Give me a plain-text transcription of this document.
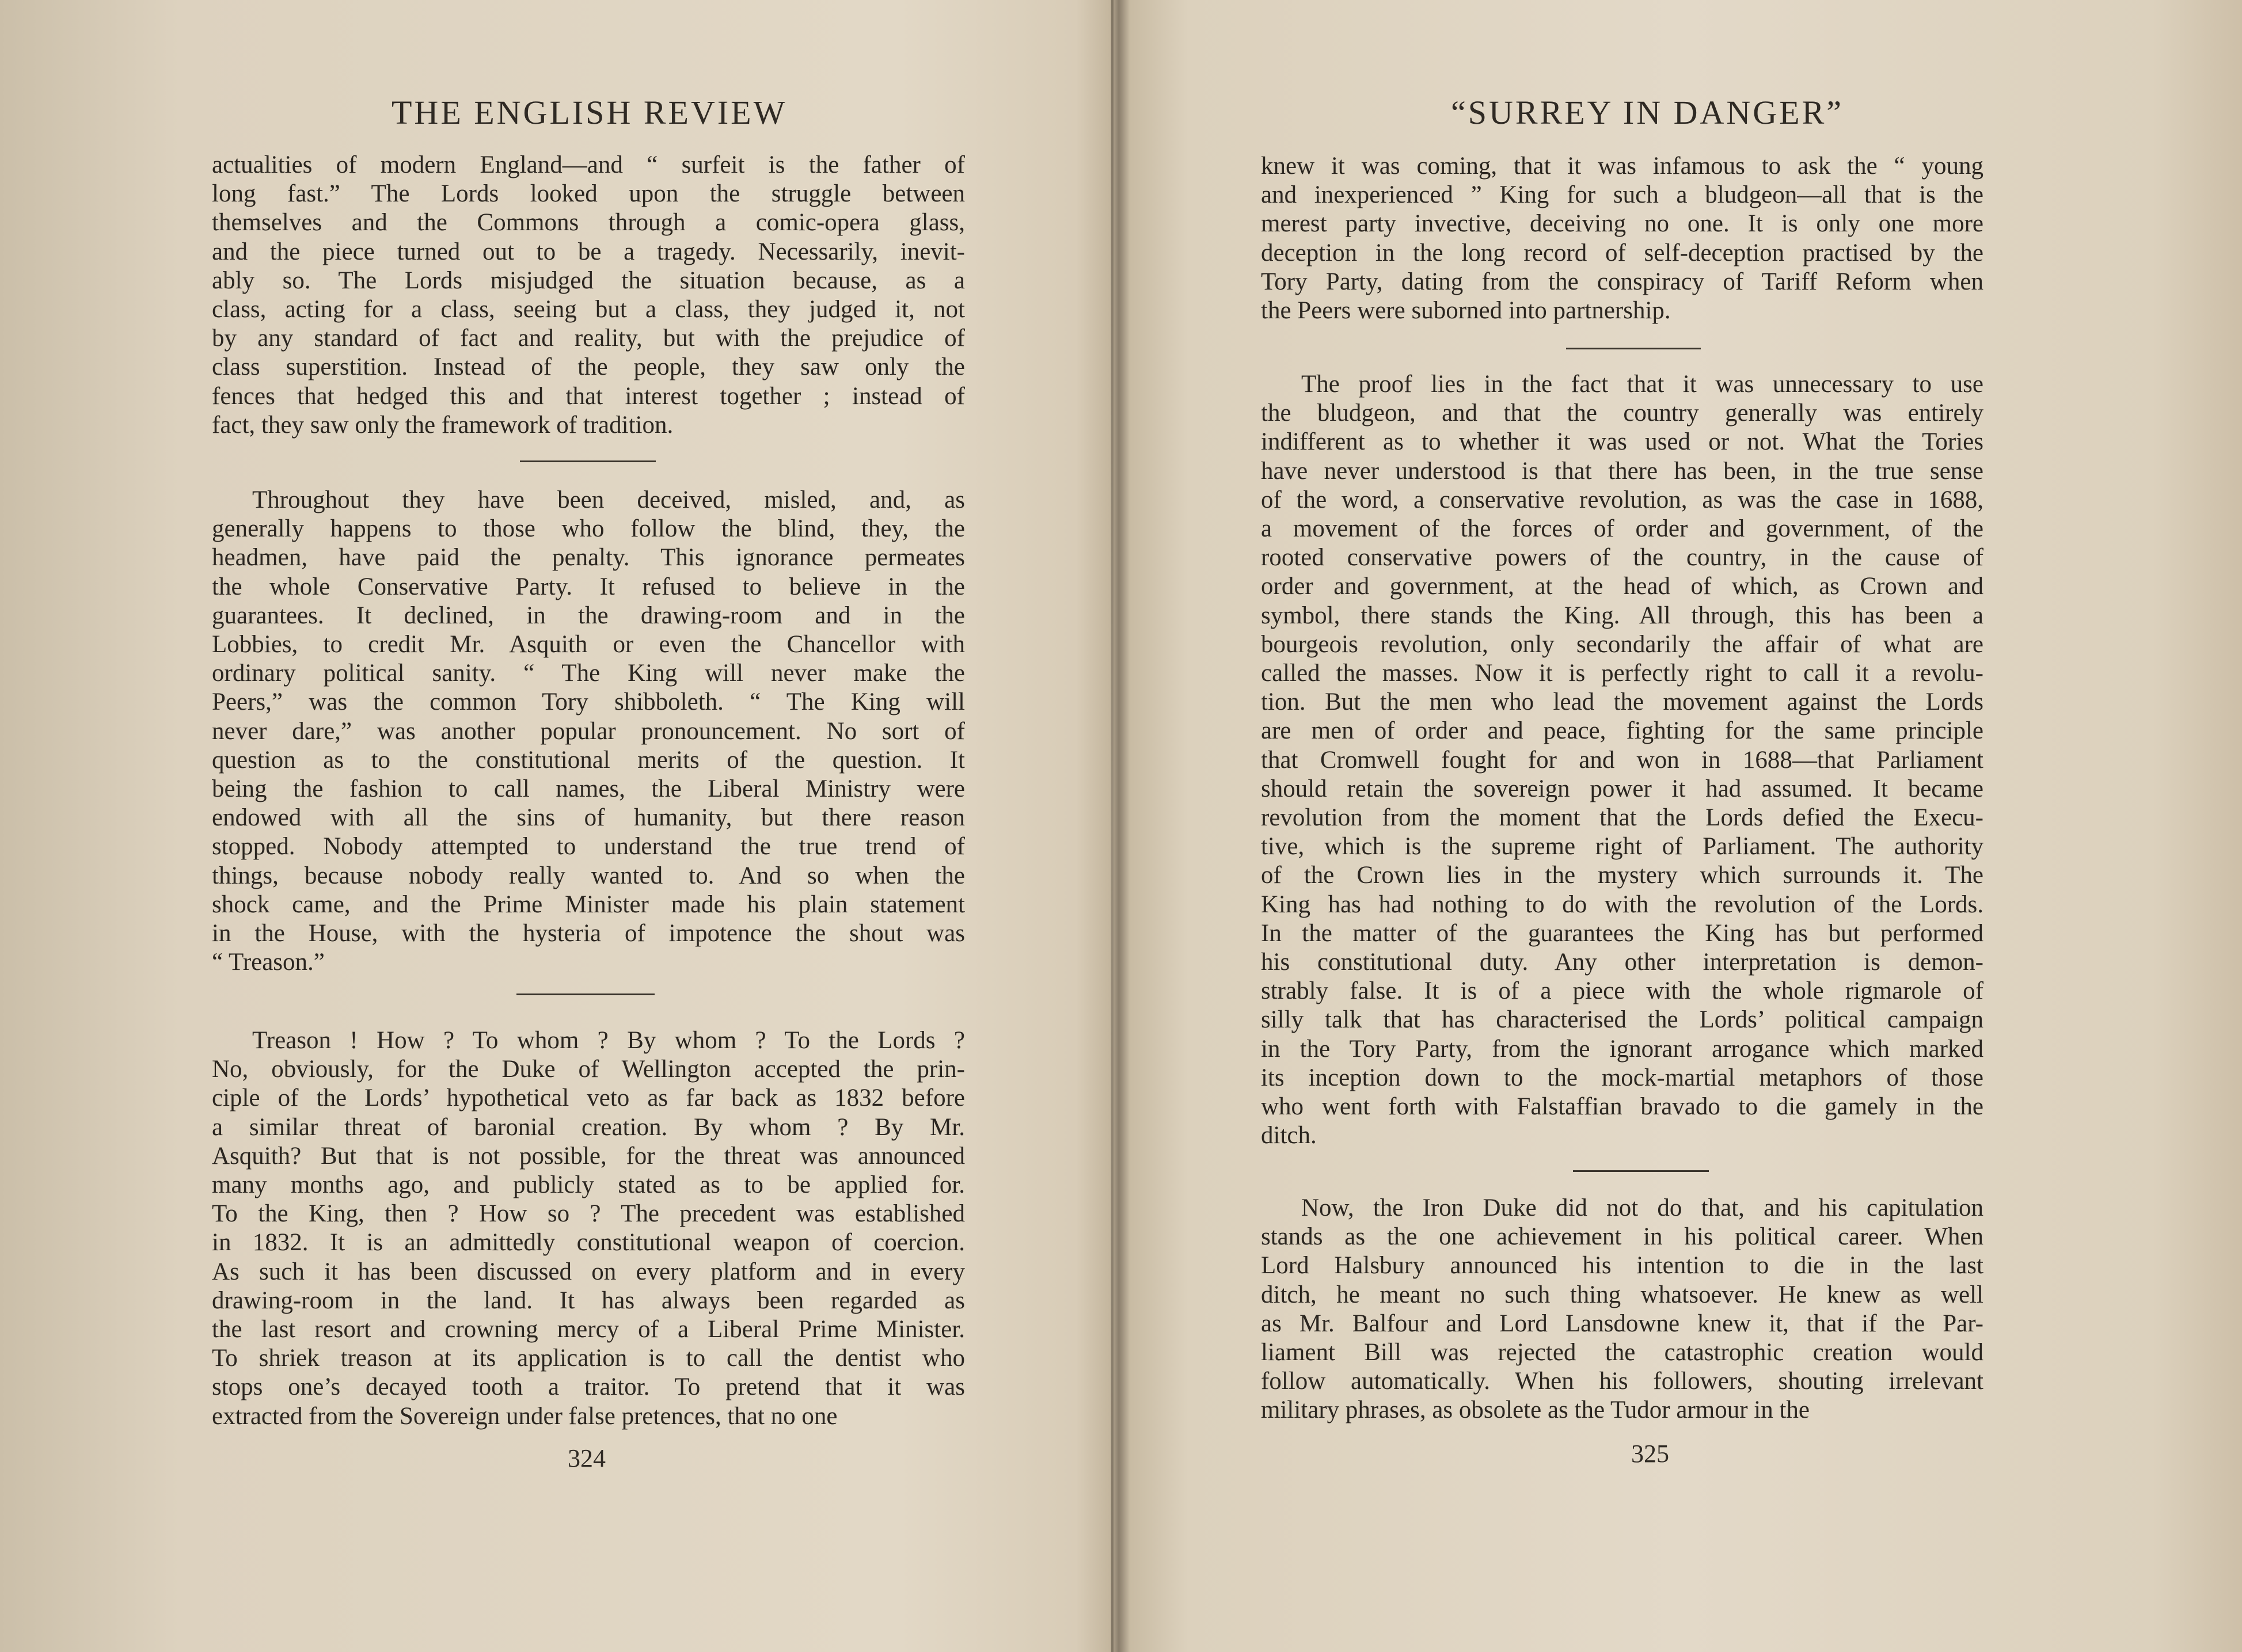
THE ENGLISH REVIEW
actualities of modern England—and “ surfeit is the father of
long fast.” The Lords looked upon the struggle between
themselves and the Commons through a comic-opera glass,
and the piece turned out to be a tragedy. Necessarily, inevit-
ably so. The Lords misjudged the situation because, as a
class, acting for a class, seeing but a class, they judged it, not
by any standard of fact and reality, but with the prejudice of
class superstition. Instead of the people, they saw only the
fences that hedged this and that interest together ; instead of
fact, they saw only the framework of tradition.
Throughout they have been deceived, misled, and, as
generally happens to those who follow the blind, they, the
headmen, have paid the penalty. This ignorance permeates
the whole Conservative Party. It refused to believe in the
guarantees. It declined, in the drawing-room and in the
Lobbies, to credit Mr. Asquith or even the Chancellor with
ordinary political sanity. “ The King will never make the
Peers,” was the common Tory shibboleth. “ The King will
never dare,” was another popular pronouncement. No sort of
question as to the constitutional merits of the question. It
being the fashion to call names, the Liberal Ministry were
endowed with all the sins of humanity, but there reason
stopped. Nobody attempted to understand the true trend of
things, because nobody really wanted to. And so when the
shock came, and the Prime Minister made his plain statement
in the House, with the hysteria of impotence the shout was
“ Treason.”
Treason ! How ? To whom ? By whom ? To the Lords ?
No, obviously, for the Duke of Wellington accepted the prin-
ciple of the Lords’ hypothetical veto as far back as 1832 before
a similar threat of baronial creation. By whom ? By Mr.
Asquith? But that is not possible, for the threat was announced
many months ago, and publicly stated as to be applied for.
To the King, then ? How so ? The precedent was established
in 1832. It is an admittedly constitutional weapon of coercion.
As such it has been discussed on every platform and in every
drawing-room in the land. It has always been regarded as
the last resort and crowning mercy of a Liberal Prime Minister.
To shriek treason at its application is to call the dentist who
stops one’s decayed tooth a traitor. To pretend that it was
extracted from the Sovereign under false pretences, that no one
324
“SURREY IN DANGER”
knew it was coming, that it was infamous to ask the “ young
and inexperienced ” King for such a bludgeon—all that is the
merest party invective, deceiving no one. It is only one more
deception in the long record of self-deception practised by the
Tory Party, dating from the conspiracy of Tariff Reform when
the Peers were suborned into partnership.
The proof lies in the fact that it was unnecessary to use
the bludgeon, and that the country generally was entirely
indifferent as to whether it was used or not. What the Tories
have never understood is that there has been, in the true sense
of the word, a conservative revolution, as was the case in 1688,
a movement of the forces of order and government, of the
rooted conservative powers of the country, in the cause of
order and government, at the head of which, as Crown and
symbol, there stands the King. All through, this has been a
bourgeois revolution, only secondarily the affair of what are
called the masses. Now it is perfectly right to call it a revolu-
tion. But the men who lead the movement against the Lords
are men of order and peace, fighting for the same principle
that Cromwell fought for and won in 1688—that Parliament
should retain the sovereign power it had assumed. It became
revolution from the moment that the Lords defied the Execu-
tive, which is the supreme right of Parliament. The authority
of the Crown lies in the mystery which surrounds it. The
King has had nothing to do with the revolution of the Lords.
In the matter of the guarantees the King has but performed
his constitutional duty. Any other interpretation is demon-
strably false. It is of a piece with the whole rigmarole of
silly talk that has characterised the Lords’ political campaign
in the Tory Party, from the ignorant arrogance which marked
its inception down to the mock-martial metaphors of those
who went forth with Falstaffian bravado to die gamely in the
ditch.
Now, the Iron Duke did not do that, and his capitulation
stands as the one achievement in his political career. When
Lord Halsbury announced his intention to die in the last
ditch, he meant no such thing whatsoever. He knew as well
as Mr. Balfour and Lord Lansdowne knew it, that if the Par-
liament Bill was rejected the catastrophic creation would
follow automatically. When his followers, shouting irrelevant
military phrases, as obsolete as the Tudor armour in the
325
